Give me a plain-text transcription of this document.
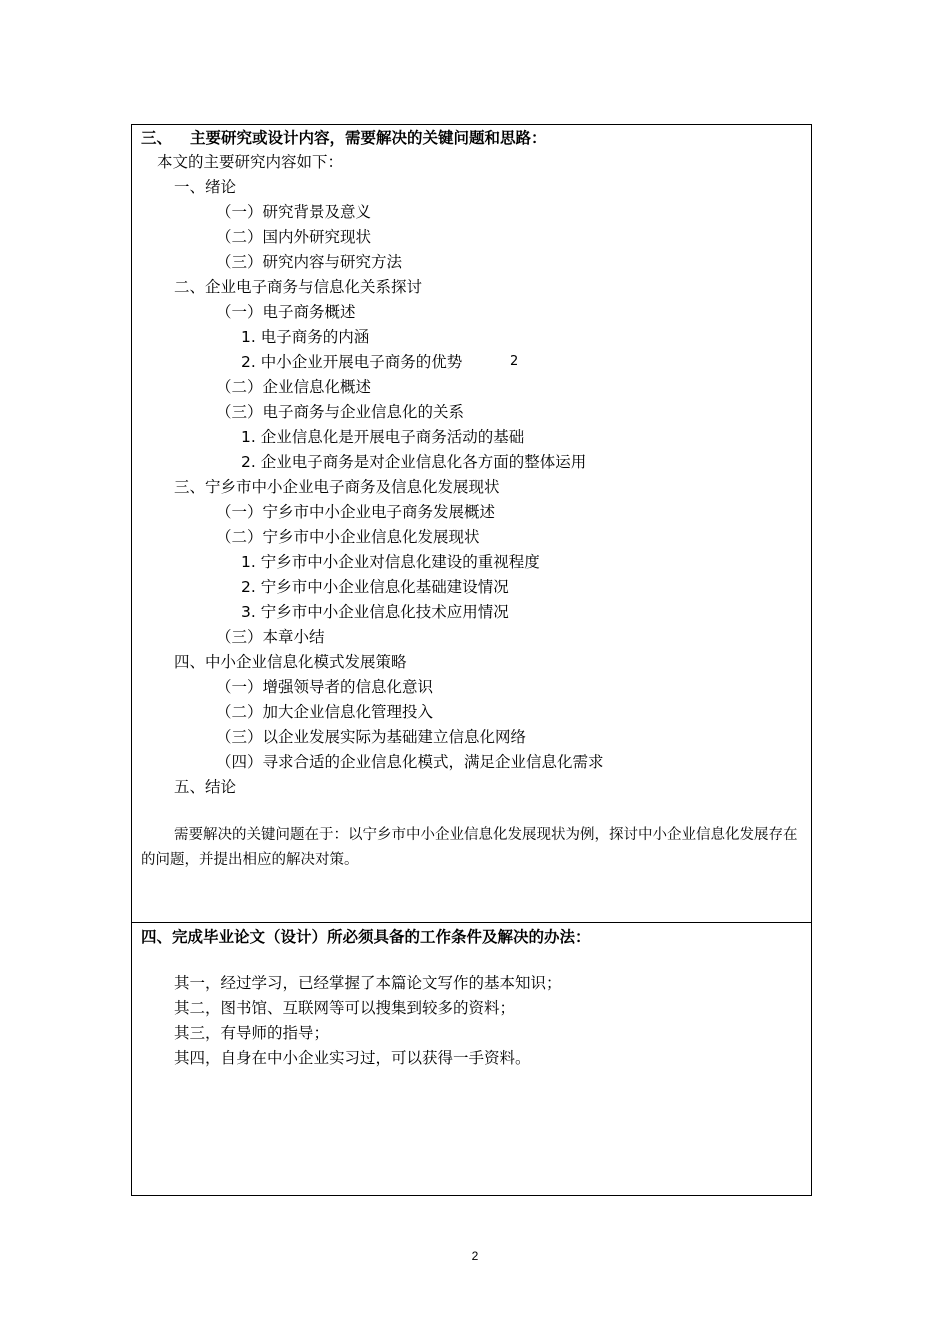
三、 主要研究或设计内容，需要解决的关键问题和思路：
本文的主要研究内容如下：
一、绪论
（一）研究背景及意义
（二）国内外研究现状
（三）研究内容与研究方法
二、企业电子商务与信息化关系探讨
（一）电子商务概述
1. 电子商务的内涵
2. 中小企业开展电子商务的优势	2
（二）企业信息化概述
（三）电子商务与企业信息化的关系
1. 企业信息化是开展电子商务活动的基础
2. 企业电子商务是对企业信息化各方面的整体运用
三、宁乡市中小企业电子商务及信息化发展现状
（一）宁乡市中小企业电子商务发展概述
（二）宁乡市中小企业信息化发展现状
1. 宁乡市中小企业对信息化建设的重视程度
2. 宁乡市中小企业信息化基础建设情况
3. 宁乡市中小企业信息化技术应用情况
（三）本章小结
四、中小企业信息化模式发展策略
（一）增强领导者的信息化意识
（二）加大企业信息化管理投入
（三）以企业发展实际为基础建立信息化网络
（四）寻求合适的企业信息化模式，满足企业信息化需求
五、结论
需要解决的关键问题在于：以宁乡市中小企业信息化发展现状为例，探讨中小企业信息化发展存在的问题，并提出相应的解决对策。
四、完成毕业论文（设计）所必须具备的工作条件及解决的办法：
其一，经过学习，已经掌握了本篇论文写作的基本知识；
其二，图书馆、互联网等可以搜集到较多的资料；
其三，有导师的指导；
其四，自身在中小企业实习过，可以获得一手资料。
2
